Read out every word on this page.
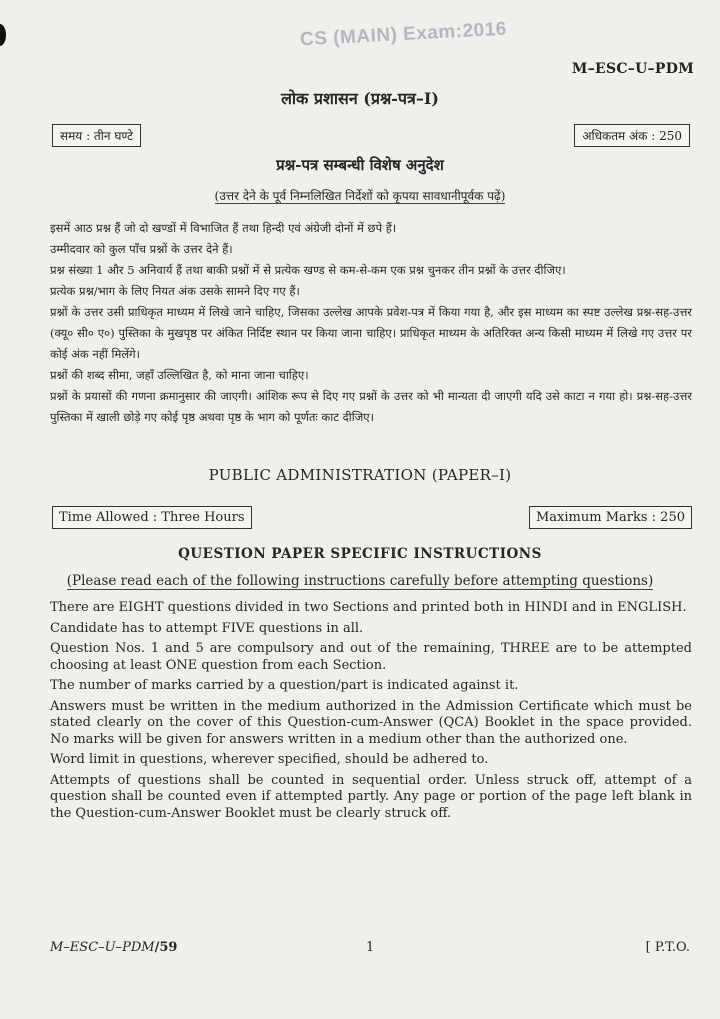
CS (MAIN) Exam:2016
M–ESC–U–PDM
लोक प्रशासन (प्रश्न-पत्र–I)
समय : तीन घण्टे	अधिकतम अंक : 250
प्रश्न-पत्र सम्बन्धी विशेष अनुदेश
(उत्तर देने के पूर्व निम्नलिखित निर्देशों को कृपया सावधानीपूर्वक पढ़ें)

इसमें आठ प्रश्न हैं जो दो खण्डों में विभाजित हैं तथा हिन्दी एवं अंग्रेजी दोनों में छपे हैं।

उम्मीदवार को कुल पाँच प्रश्नों के उत्तर देने हैं।

प्रश्न संख्या 1 और 5 अनिवार्य हैं तथा बाकी प्रश्नों में से प्रत्येक खण्ड से कम-से-कम एक प्रश्न चुनकर तीन प्रश्नों के उत्तर दीजिए।

प्रत्येक प्रश्न/भाग के लिए नियत अंक उसके सामने दिए गए हैं।

प्रश्नों के उत्तर उसी प्राधिकृत माध्यम में लिखे जाने चाहिए, जिसका उल्लेख आपके प्रवेश-पत्र में किया गया है, और इस माध्यम का स्पष्ट उल्लेख प्रश्न-सह-उत्तर (क्यू० सी० ए०) पुस्तिका के मुखपृष्ठ पर अंकित निर्दिष्ट स्थान पर किया जाना चाहिए। प्राधिकृत माध्यम के अतिरिक्त अन्य किसी माध्यम में लिखे गए उत्तर पर कोई अंक नहीं मिलेंगे।

प्रश्नों की शब्द सीमा, जहाँ उल्लिखित है, को माना जाना चाहिए।

प्रश्नों के प्रयासों की गणना क्रमानुसार की जाएगी। आंशिक रूप से दिए गए प्रश्नों के उत्तर को भी मान्यता दी जाएगी यदि उसे काटा न गया हो। प्रश्न-सह-उत्तर पुस्तिका में खाली छोड़े गए कोई पृष्ठ अथवा पृष्ठ के भाग को पूर्णतः काट दीजिए।

PUBLIC ADMINISTRATION (PAPER–I)
Time Allowed : Three Hours	Maximum Marks : 250
QUESTION PAPER SPECIFIC INSTRUCTIONS
(Please read each of the following instructions carefully before attempting questions)

There are EIGHT questions divided in two Sections and printed both in HINDI and in ENGLISH.

Candidate has to attempt FIVE questions in all.

Question Nos. 1 and 5 are compulsory and out of the remaining, THREE are to be attempted choosing at least ONE question from each Section.

The number of marks carried by a question/part is indicated against it.

Answers must be written in the medium authorized in the Admission Certificate which must be stated clearly on the cover of this Question-cum-Answer (QCA) Booklet in the space provided. No marks will be given for answers written in a medium other than the authorized one.

Word limit in questions, wherever specified, should be adhered to.

Attempts of questions shall be counted in sequential order. Unless struck off, attempt of a question shall be counted even if attempted partly. Any page or portion of the page left blank in the Question-cum-Answer Booklet must be clearly struck off.

M–ESC–U–PDM/59	1	[ P.T.O.
